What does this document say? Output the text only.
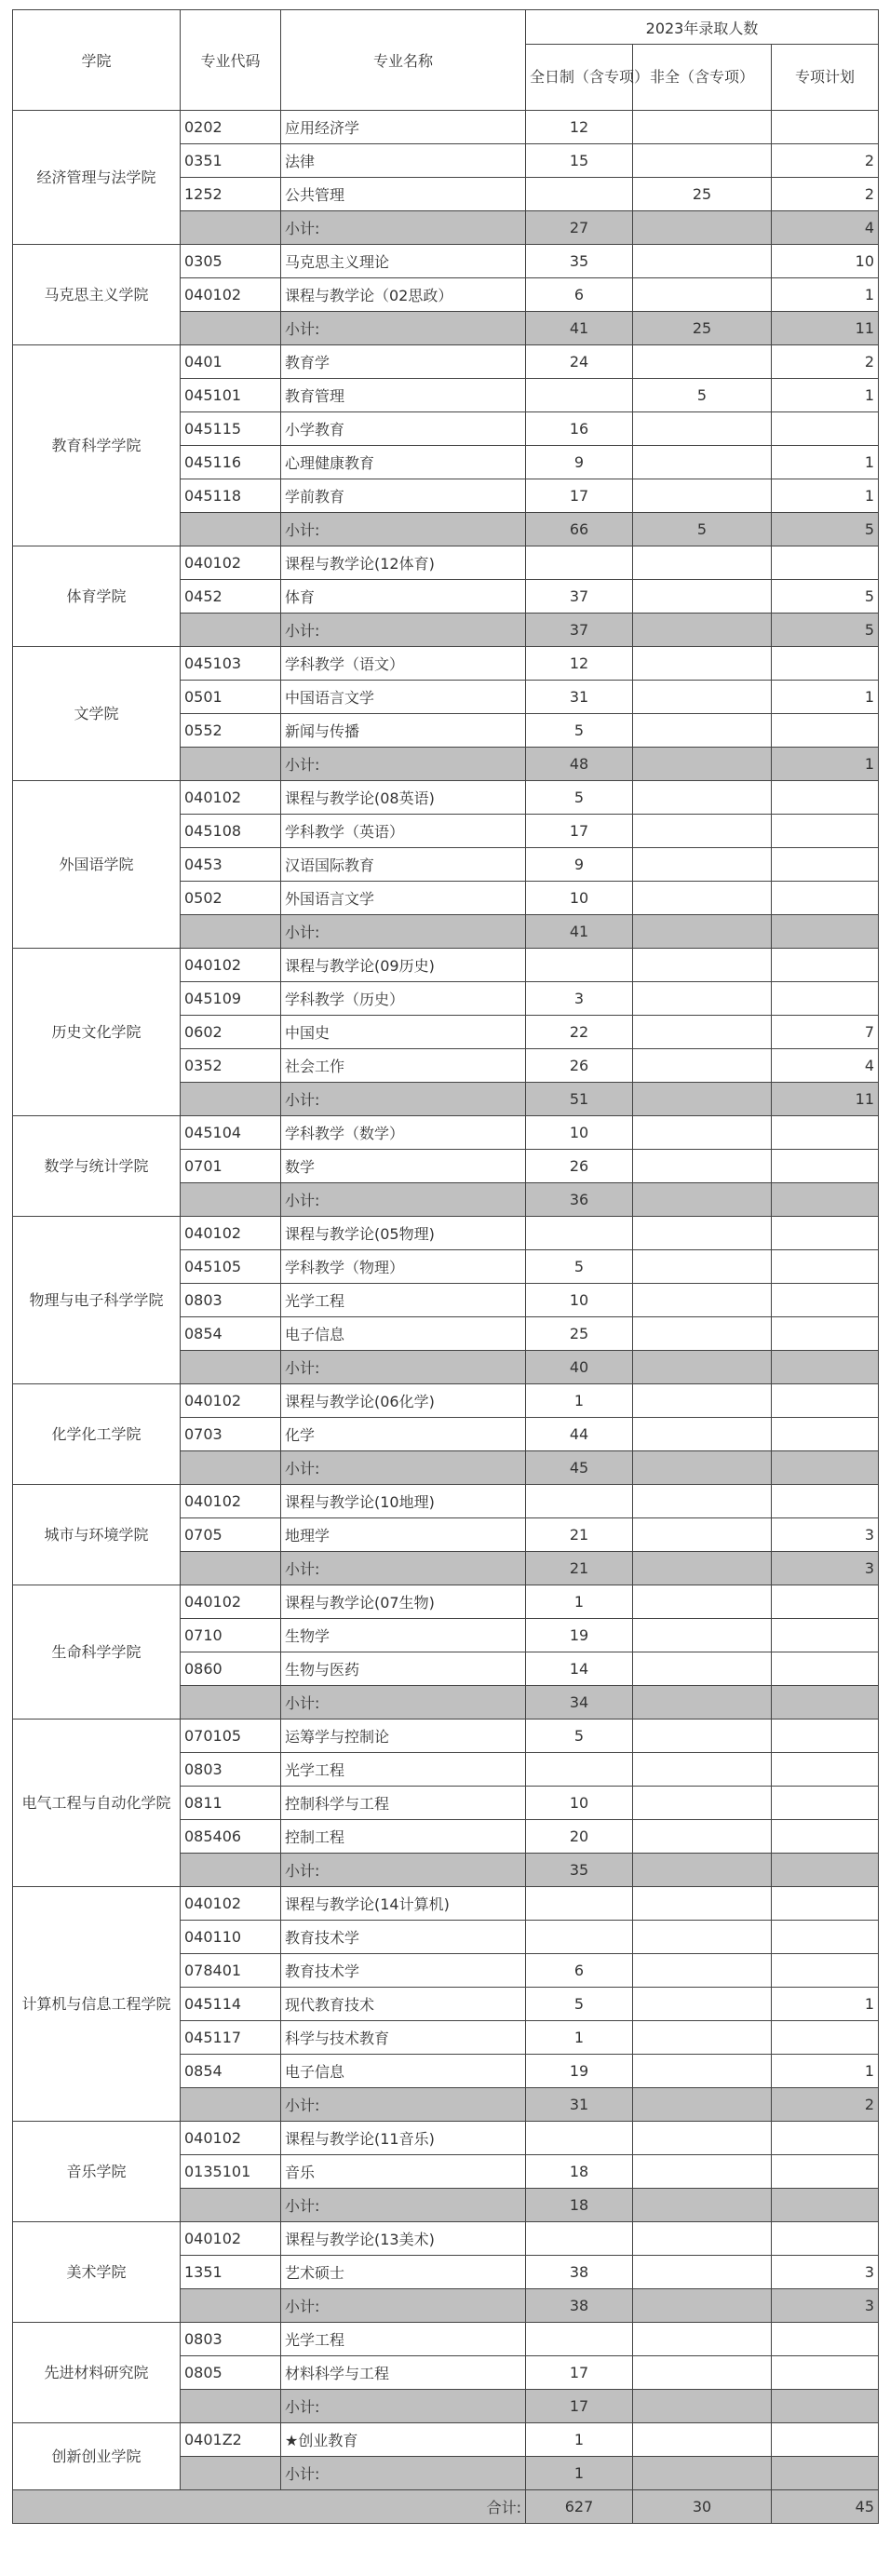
学院	专业代码	专业名称	2023年录取人数		
			全日制（含专项）	非全（含专项）	专项计划
经济管理与法学院	0202	应用经济学	12		
	0351	法律	15		2
	1252	公共管理		25	2
		小计:	27		4
马克思主义学院	0305	马克思主义理论	35		10
	040102	课程与教学论（02思政）	6		1
		小计:	41	25	11
教育科学学院	0401	教育学	24		2
	045101	教育管理		5	1
	045115	小学教育	16		
	045116	心理健康教育	9		1
	045118	学前教育	17		1
		小计:	66	5	5
体育学院	040102	课程与教学论(12体育)			
	0452	体育	37		5
		小计:	37		5
文学院	045103	学科教学（语文）	12		
	0501	中国语言文学	31		1
	0552	新闻与传播	5		
		小计:	48		1
外国语学院	040102	课程与教学论(08英语)	5		
	045108	学科教学（英语）	17		
	0453	汉语国际教育	9		
	0502	外国语言文学	10		
		小计:	41		
历史文化学院	040102	课程与教学论(09历史)			
	045109	学科教学（历史）	3		
	0602	中国史	22		7
	0352	社会工作	26		4
		小计:	51		11
数学与统计学院	045104	学科教学（数学）	10		
	0701	数学	26		
		小计:	36		
物理与电子科学学院	040102	课程与教学论(05物理)			
	045105	学科教学（物理）	5		
	0803	光学工程	10		
	0854	电子信息	25		
		小计:	40		
化学化工学院	040102	课程与教学论(06化学)	1		
	0703	化学	44		
		小计:	45		
城市与环境学院	040102	课程与教学论(10地理)			
	0705	地理学	21		3
		小计:	21		3
生命科学学院	040102	课程与教学论(07生物)	1		
	0710	生物学	19		
	0860	生物与医药	14		
		小计:	34		
电气工程与自动化学院	070105	运筹学与控制论	5		
	0803	光学工程			
	0811	控制科学与工程	10		
	085406	控制工程	20		
		小计:	35		
计算机与信息工程学院	040102	课程与教学论(14计算机)			
	040110	教育技术学			
	078401	教育技术学	6		
	045114	现代教育技术	5		1
	045117	科学与技术教育	1		
	0854	电子信息	19		1
		小计:	31		2
音乐学院	040102	课程与教学论(11音乐)			
	0135101	音乐	18		
		小计:	18		
美术学院	040102	课程与教学论(13美术)			
	1351	艺术硕士	38		3
		小计:	38		3
先进材料研究院	0803	光学工程			
	0805	材料科学与工程	17		
		小计:	17		
创新创业学院	0401Z2	★创业教育	1		
		小计:	1		
合计:			627	30	45
